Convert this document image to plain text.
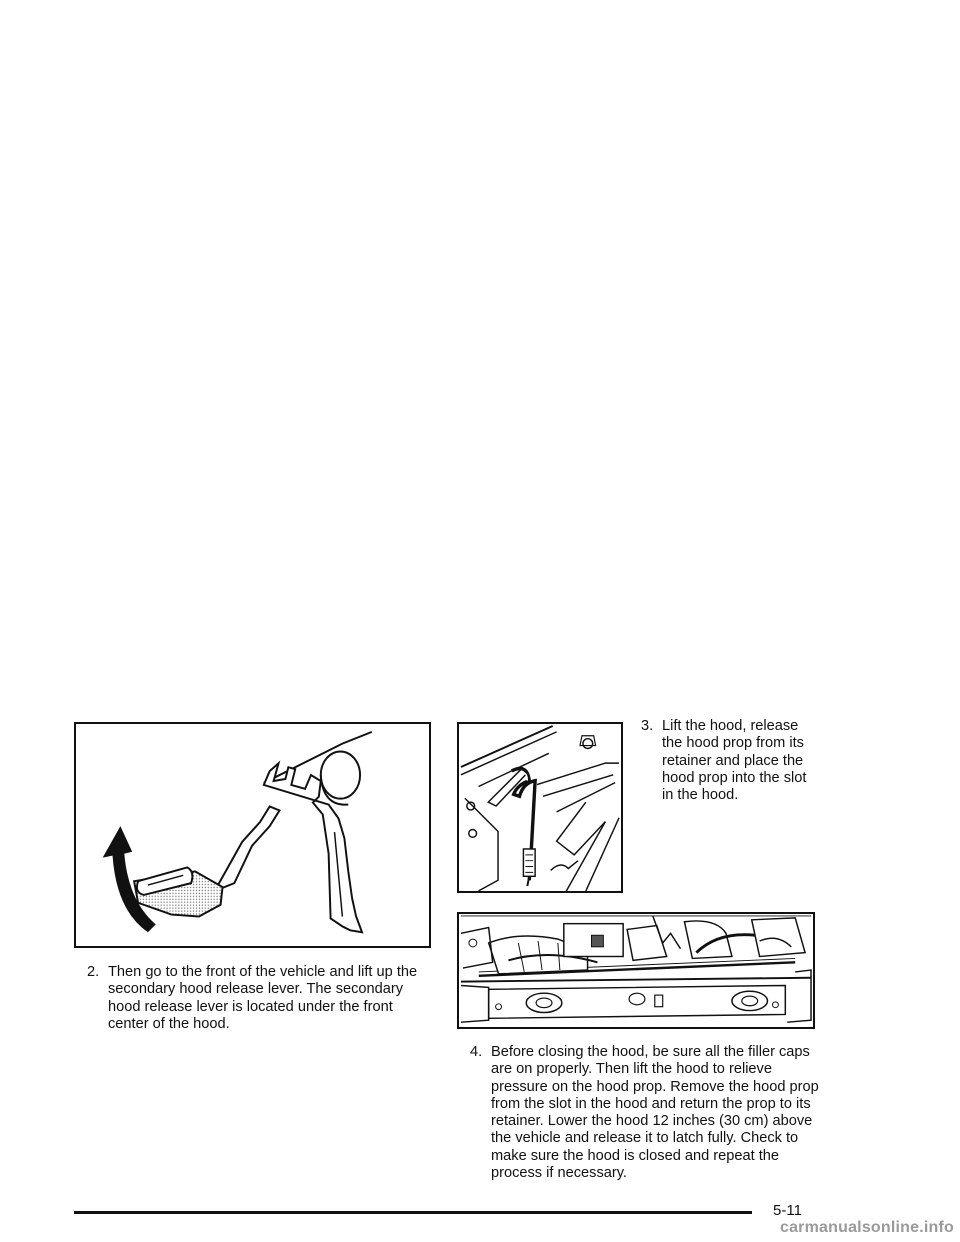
2. Then go to the front of the vehicle and lift up the secondary hood release lever. The secondary hood release lever is located under the front center of the hood.
3. Lift the hood, release the hood prop from its retainer and place the hood prop into the slot in the hood.
4. Before closing the hood, be sure all the filler caps are on properly. Then lift the hood to relieve pressure on the hood prop. Remove the hood prop from the slot in the hood and return the prop to its retainer. Lower the hood 12 inches (30 cm) above the vehicle and release it to latch fully. Check to make sure the hood is closed and repeat the process if necessary.
5-11
carmanualsonline.info
